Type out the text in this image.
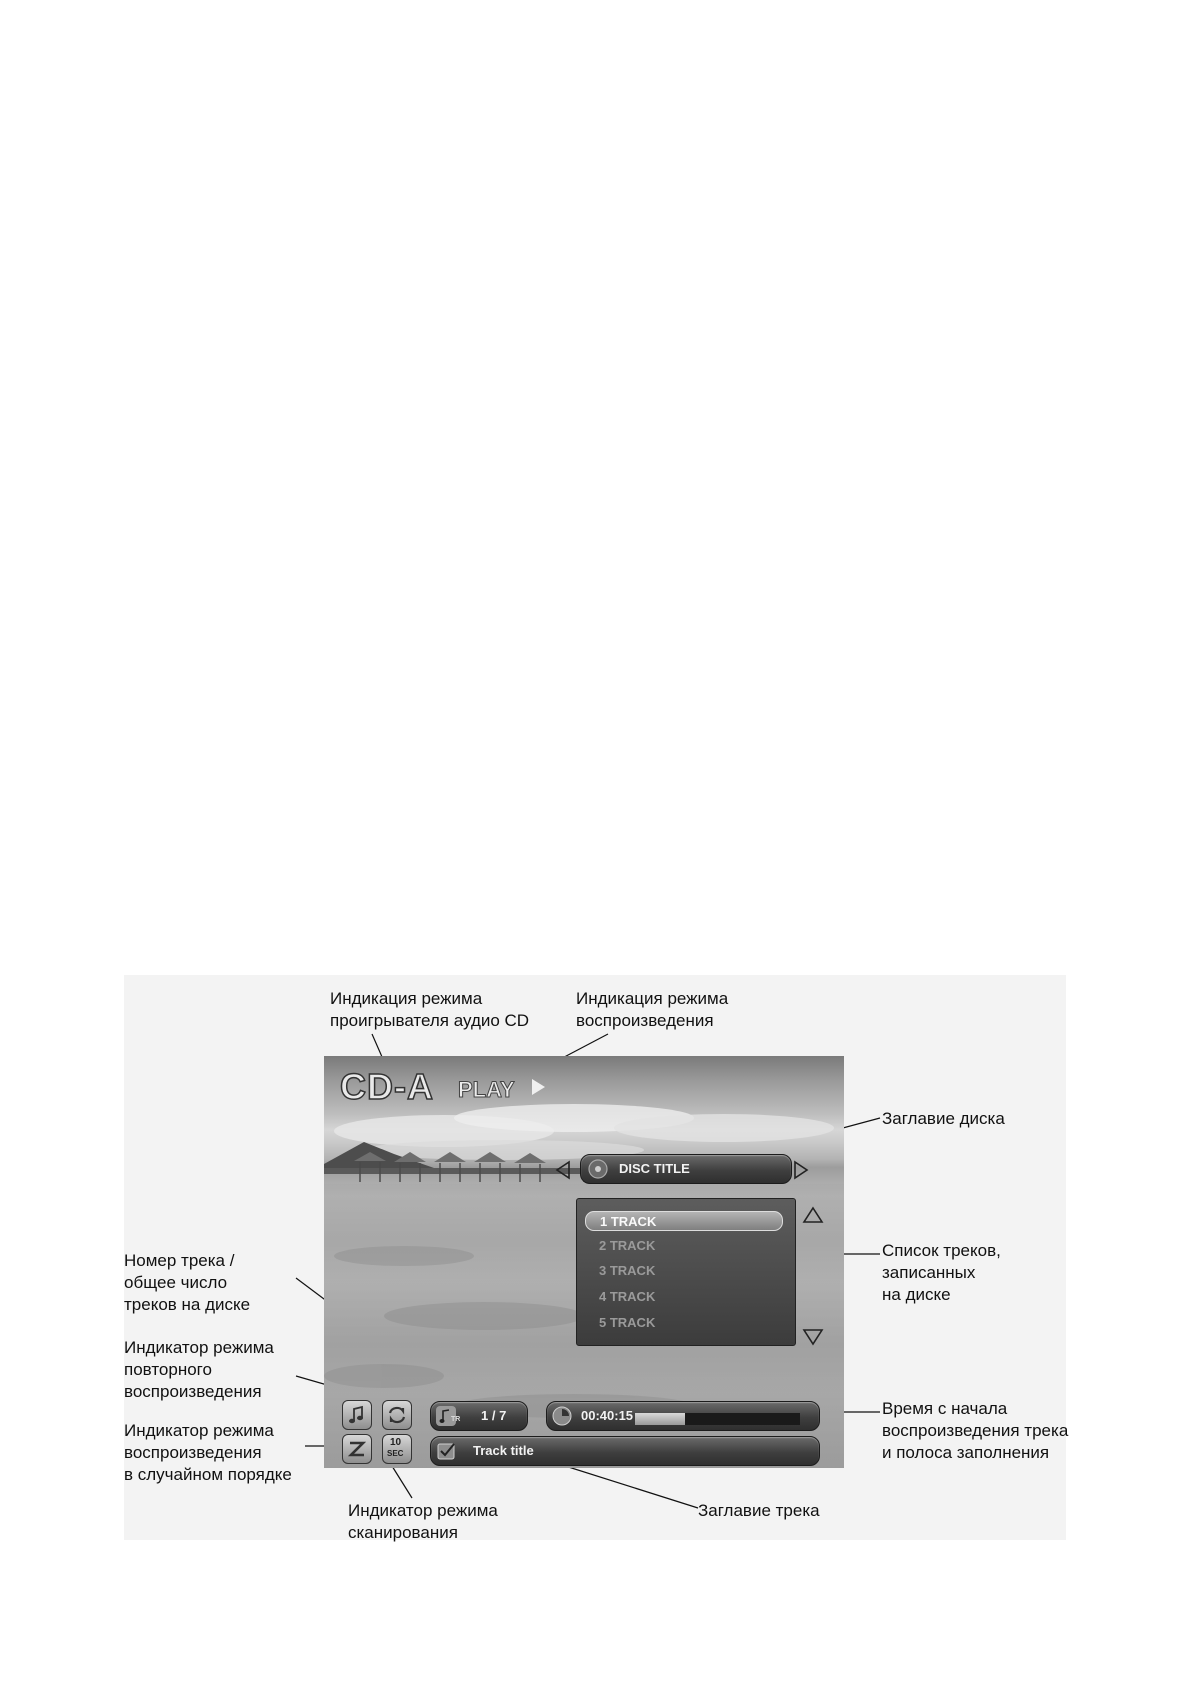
Индикация режима
проигрывателя аудио CD
Индикация режима
воспроизведения
Заглавие диска
Список треков,
записанных
на диске
Номер трека /
общее число
треков на диске
Индикатор режима
повторного
воспроизведения
Индикатор режима
воспроизведения
в случайном порядке
Время с начала
воспроизведения трека
и полоса заполнения
Индикатор режима
сканирования
Заглавие трека
CD-A PLAY
DISC TITLE
1 TRACK
2 TRACK
3 TRACK
4 TRACK
5 TRACK
10
SEC
TR 1 / 7	00:40:15
Track title
